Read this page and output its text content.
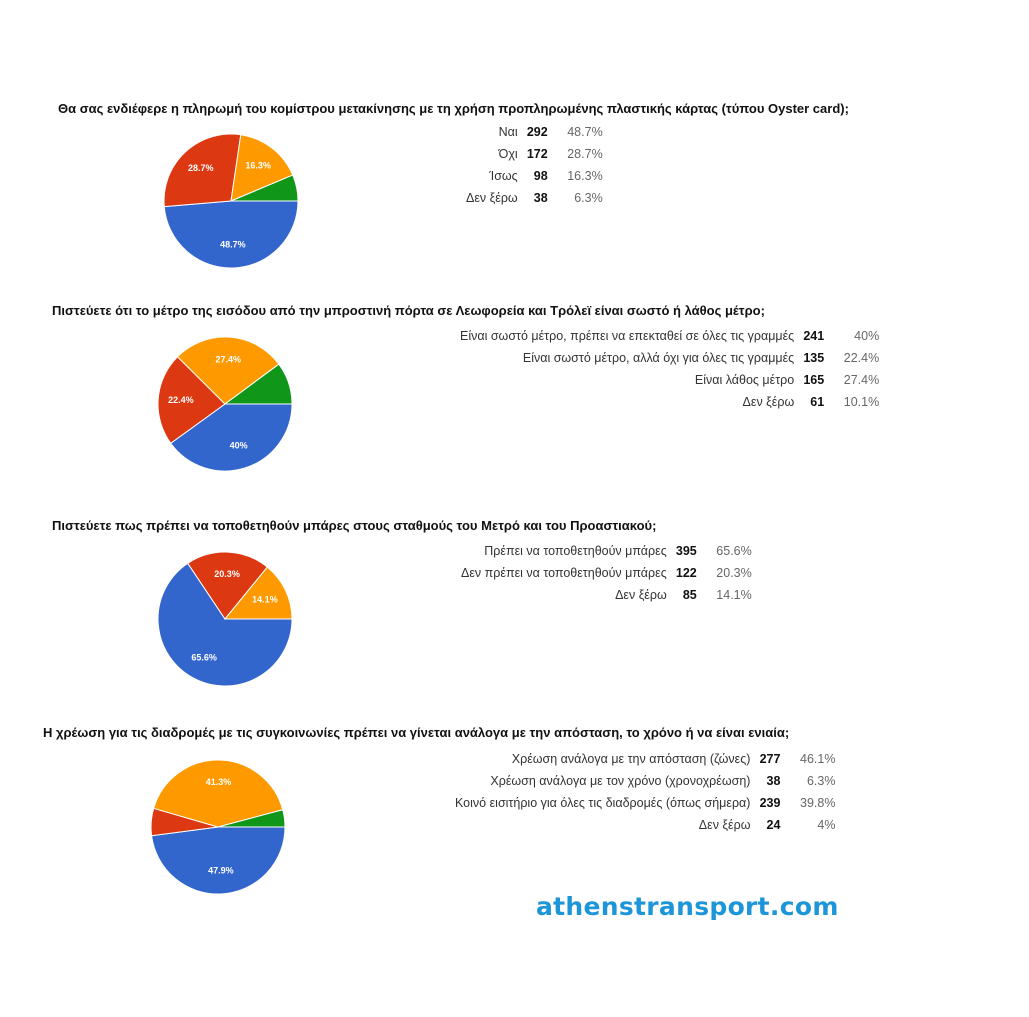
Θα σας ενδιέφερε η πληρωμή του κομίστρου μετακίνησης με τη χρήση προπληρωμένης πλαστικής κάρτας (τύπου Oyster card);
48.7%
28.7%	16.3%
Ναι	292	48.7%
Όχι	172	28.7%
Ίσως	98	16.3%
Δεν ξέρω	38	6.3%
Πιστεύετε ότι το μέτρο της εισόδου από την μπροστινή πόρτα σε Λεωφορεία και Τρόλεϊ είναι σωστό ή λάθος μέτρο;
40%
22.4%
27.4%
Είναι σωστό μέτρο, πρέπει να επεκταθεί σε όλες τις γραμμές	241	40%
Είναι σωστό μέτρο, αλλά όχι για όλες τις γραμμές	135	22.4%
Είναι λάθος μέτρο	165	27.4%
Δεν ξέρω	61	10.1%
Πιστεύετε πως πρέπει να τοποθετηθούν μπάρες στους σταθμούς του Μετρό και του Προαστιακού;
65.6%
20.3%
14.1%
Πρέπει να τοποθετηθούν μπάρες	395	65.6%
Δεν πρέπει να τοποθετηθούν μπάρες	122	20.3%
Δεν ξέρω	85	14.1%
Η χρέωση για τις διαδρομές με τις συγκοινωνίες πρέπει να γίνεται ανάλογα με την απόσταση, το χρόνο ή να είναι ενιαία;
47.9%
41.3%
Χρέωση ανάλογα με την απόσταση (ζώνες)	277	46.1%
Χρέωση ανάλογα με τον χρόνο (χρονοχρέωση)	38	6.3%
Κοινό εισιτήριο για όλες τις διαδρομές (όπως σήμερα)	239	39.8%
Δεν ξέρω	24	4%
athenstransport.com
